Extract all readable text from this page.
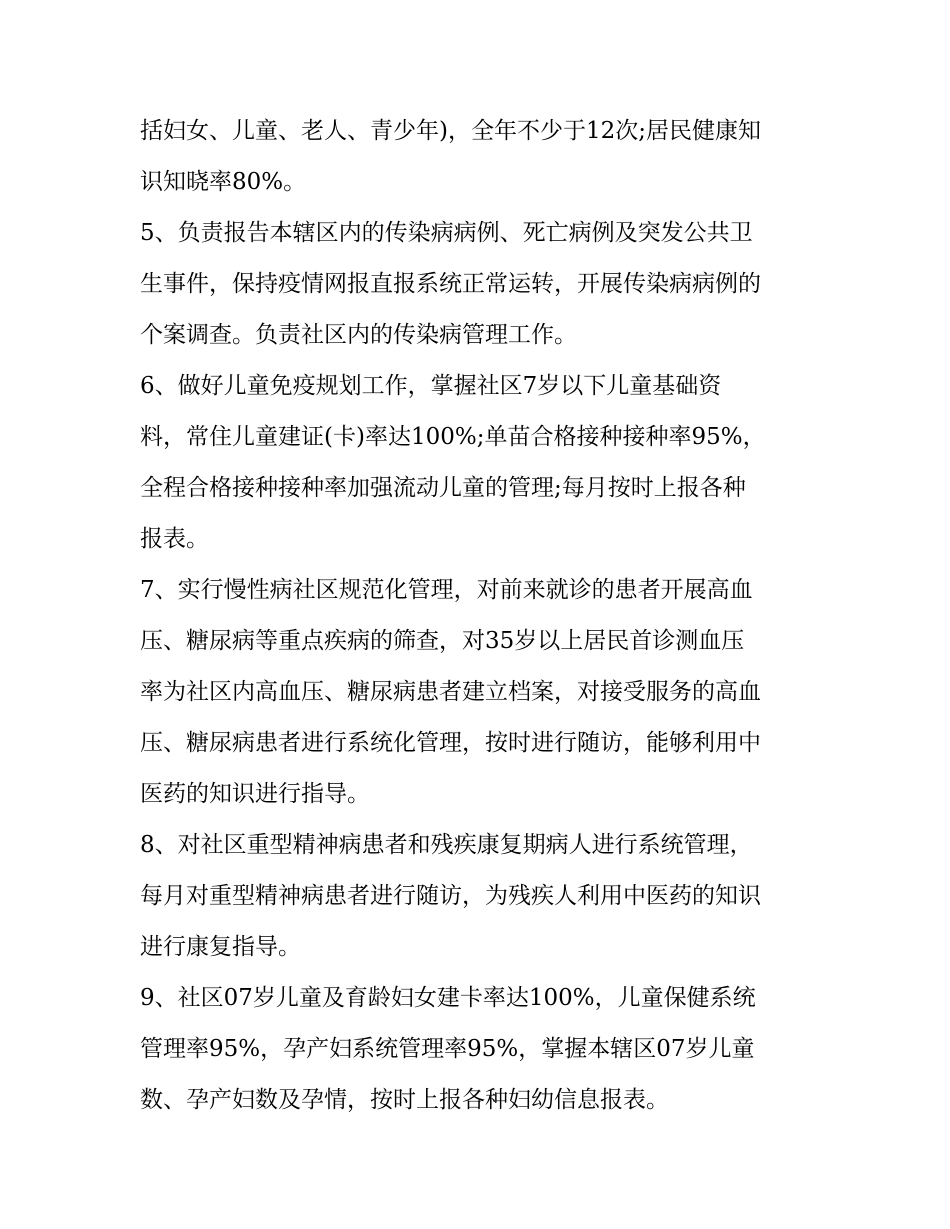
括妇女、儿童、老人、青少年)，全年不少于12次;居民健康知
识知晓率80%。
5、负责报告本辖区内的传染病病例、死亡病例及突发公共卫
生事件，保持疫情网报直报系统正常运转，开展传染病病例的
个案调查。负责社区内的传染病管理工作。
6、做好儿童免疫规划工作，掌握社区7岁以下儿童基础资
料，常住儿童建证(卡)率达100%;单苗合格接种接种率95%，
全程合格接种接种率加强流动儿童的管理;每月按时上报各种
报表。
7、实行慢性病社区规范化管理，对前来就诊的患者开展高血
压、糖尿病等重点疾病的筛查，对35岁以上居民首诊测血压
率为社区内高血压、糖尿病患者建立档案，对接受服务的高血
压、糖尿病患者进行系统化管理，按时进行随访，能够利用中
医药的知识进行指导。
8、对社区重型精神病患者和残疾康复期病人进行系统管理，
每月对重型精神病患者进行随访，为残疾人利用中医药的知识
进行康复指导。
9、社区07岁儿童及育龄妇女建卡率达100%，儿童保健系统
管理率95%，孕产妇系统管理率95%，掌握本辖区07岁儿童
数、孕产妇数及孕情，按时上报各种妇幼信息报表。
